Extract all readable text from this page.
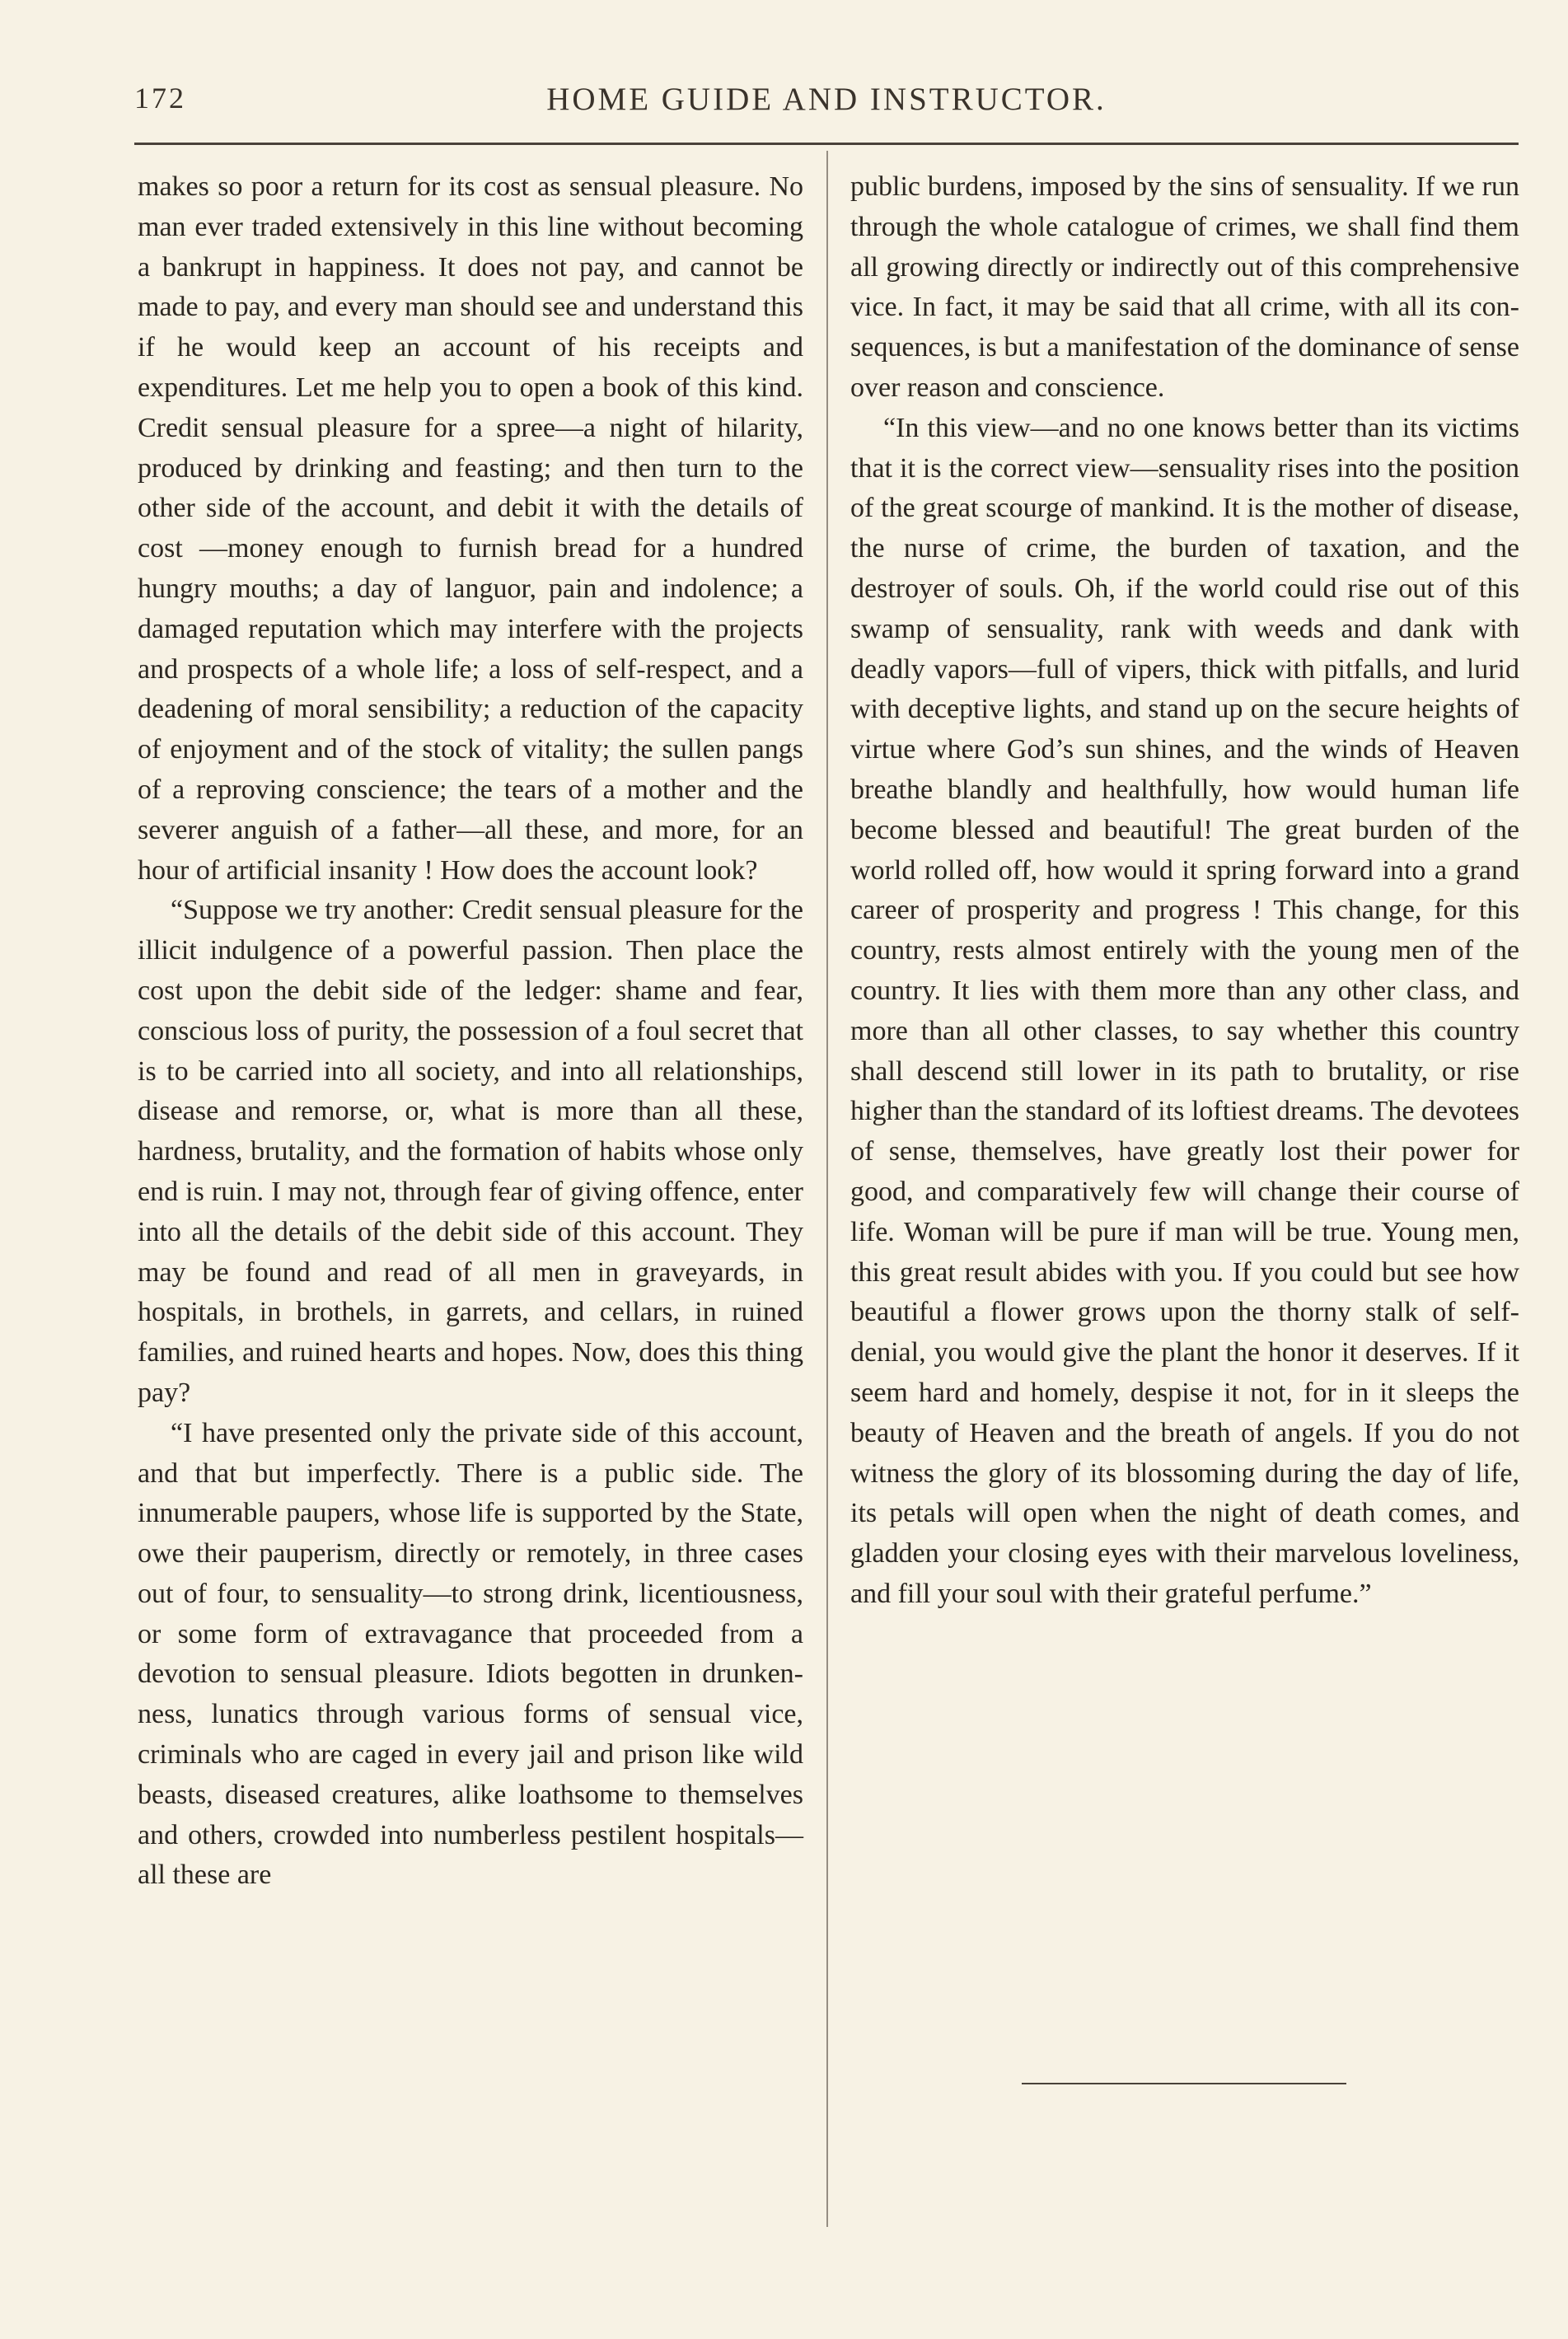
172	HOME GUIDE AND INSTRUCTOR.

makes so poor a return for its cost as sensual pleasure. No man ever traded extensively in this line without becoming a bankrupt in happiness. It does not pay, and cannot be made to pay, and every man should see and understand this if he would keep an account of his receipts and expenditures. Let me help you to open a book of this kind. Credit sensual pleasure for a spree—a night of hilarity, produced by drinking and feasting; and then turn to the other side of the account, and debit it with the details of cost —money enough to furnish bread for a hundred hungry mouths; a day of languor, pain and indolence; a damaged reputation which may interfere with the projects and prospects of a whole life; a loss of self-respect, and a deadening of moral sensibility; a reduction of the capacity of enjoyment and of the stock of vitality; the sullen pangs of a reproving conscience; the tears of a mother and the severer anguish of a father—all these, and more, for an hour of artificial insanity ! How does the account look?

“Suppose we try another: Credit sensual pleasure for the illicit indulgence of a powerful passion. Then place the cost upon the debit side of the ledger: shame and fear, conscious loss of purity, the possession of a foul secret that is to be carried into all society, and into all relationships, disease and remorse, or, what is more than all these, hardness, brutality, and the formation of habits whose only end is ruin. I may not, through fear of giving offence, enter into all the details of the debit side of this account. They may be found and read of all men in graveyards, in hospitals, in brothels, in garrets, and cellars, in ruined families, and ruined hearts and hopes. Now, does this thing pay?

“I have presented only the private side of this account, and that but imperfectly. There is a public side. The innumerable paupers, whose life is supported by the State, owe their pauperism, directly or remotely, in three cases out of four, to sensuality—to strong drink, licentiousness, or some form of extravagance that proceeded from a devotion to sensual pleasure. Idiots begotten in drunkenness, lunatics through various forms of sensual vice, criminals who are caged in every jail and prison like wild beasts, diseased creatures, alike loathsome to themselves and others, crowded into numberless pestilent hospitals—all these are

public burdens, imposed by the sins of sensuality. If we run through the whole catalogue of crimes, we shall find them all growing directly or indirectly out of this comprehensive vice. In fact, it may be said that all crime, with all its consequences, is but a manifestation of the dominance of sense over reason and conscience.

“In this view—and no one knows better than its victims that it is the correct view—sensuality rises into the position of the great scourge of mankind. It is the mother of disease, the nurse of crime, the burden of taxation, and the destroyer of souls. Oh, if the world could rise out of this swamp of sensuality, rank with weeds and dank with deadly vapors—full of vipers, thick with pitfalls, and lurid with deceptive lights, and stand up on the secure heights of virtue where God’s sun shines, and the winds of Heaven breathe blandly and healthfully, how would human life become blessed and beautiful! The great burden of the world rolled off, how would it spring forward into a grand career of prosperity and progress ! This change, for this country, rests almost entirely with the young men of the country. It lies with them more than any other class, and more than all other classes, to say whether this country shall descend still lower in its path to brutality, or rise higher than the standard of its loftiest dreams. The devotees of sense, themselves, have greatly lost their power for good, and comparatively few will change their course of life. Woman will be pure if man will be true. Young men, this great result abides with you. If you could but see how beautiful a flower grows upon the thorny stalk of self-denial, you would give the plant the honor it deserves. If it seem hard and homely, despise it not, for in it sleeps the beauty of Heaven and the breath of angels. If you do not witness the glory of its blossoming during the day of life, its petals will open when the night of death comes, and gladden your closing eyes with their marvelous loveliness, and fill your soul with their grateful perfume.”
